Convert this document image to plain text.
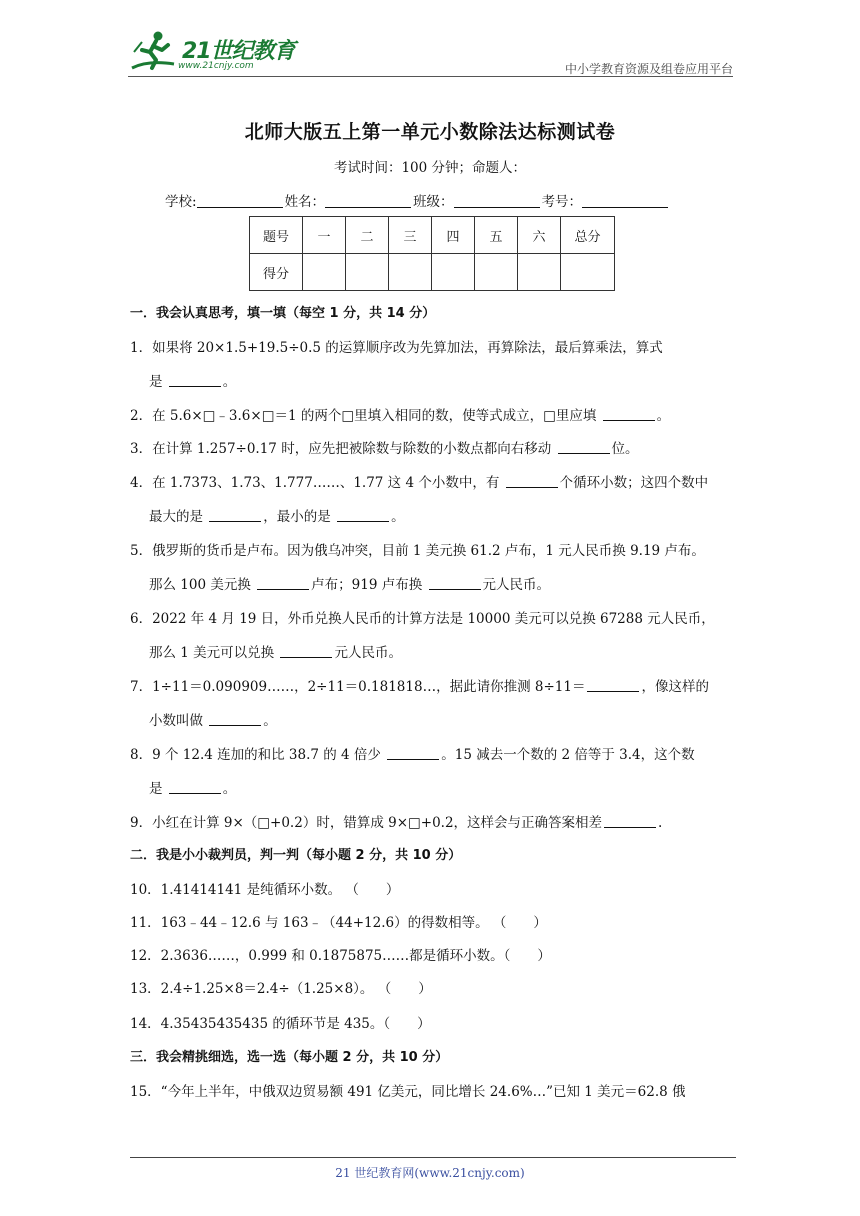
21世纪教育
www.21cnjy.com	中小学教育资源及组卷应用平台
北师大版五上第一单元小数除法达标测试卷
考试时间：100 分钟；命题人：
学校:	姓名：	班级：	考号：
题号	一	二	三	四	五	六	总分
得分							
一．我会认真思考，填一填（每空 1 分，共 14 分）
1．如果将 20×1.5+19.5÷0.5 的运算顺序改为先算加法，再算除法，最后算乘法，算式
是	。
2．在 5.6×□﹣3.6×□＝1 的两个□里填入相同的数，使等式成立，□里应填	。
3．在计算 1.257÷0.17 时，应先把被除数与除数的小数点都向右移动	位。
4．在 1.7373、1.73、1.777……、1.77 这 4 个小数中，有	个循环小数；这四个数中
最大的是	，最小的是	。
5．俄罗斯的货币是卢布。因为俄乌冲突，目前 1 美元换 61.2 卢布，1 元人民币换 9.19 卢布。
那么 100 美元换	卢布；919 卢布换	元人民币。
6．2022 年 4 月 19 日，外币兑换人民币的计算方法是 10000 美元可以兑换 67288 元人民币，
那么 1 美元可以兑换	元人民币。
7．1÷11＝0.090909……，2÷11＝0.181818…，据此请你推测 8÷11＝	，像这样的
小数叫做	。
8．9 个 12.4 连加的和比 38.7 的 4 倍少	。15 减去一个数的 2 倍等于 3.4，这个数
是	。
9．小红在计算 9×（□+0.2）时，错算成 9×□+0.2，这样会与正确答案相差	.
二．我是小小裁判员，判一判（每小题 2 分，共 10 分）
10．1.41414141 是纯循环小数。 （　　）
11．163﹣44﹣12.6 与 163﹣（44+12.6）的得数相等。 （　　）
12．2.3636……，0.999 和 0.1875875……都是循环小数。（　　）
13．2.4÷1.25×8＝2.4÷（1.25×8）。 （　　）
14．4.35435435435 的循环节是 435。（　　）
三．我会精挑细选，选一选（每小题 2 分，共 10 分）
15．“今年上半年，中俄双边贸易额 491 亿美元，同比增长 24.6%…”已知 1 美元＝62.8 俄
21 世纪教育网(www.21cnjy.com)
